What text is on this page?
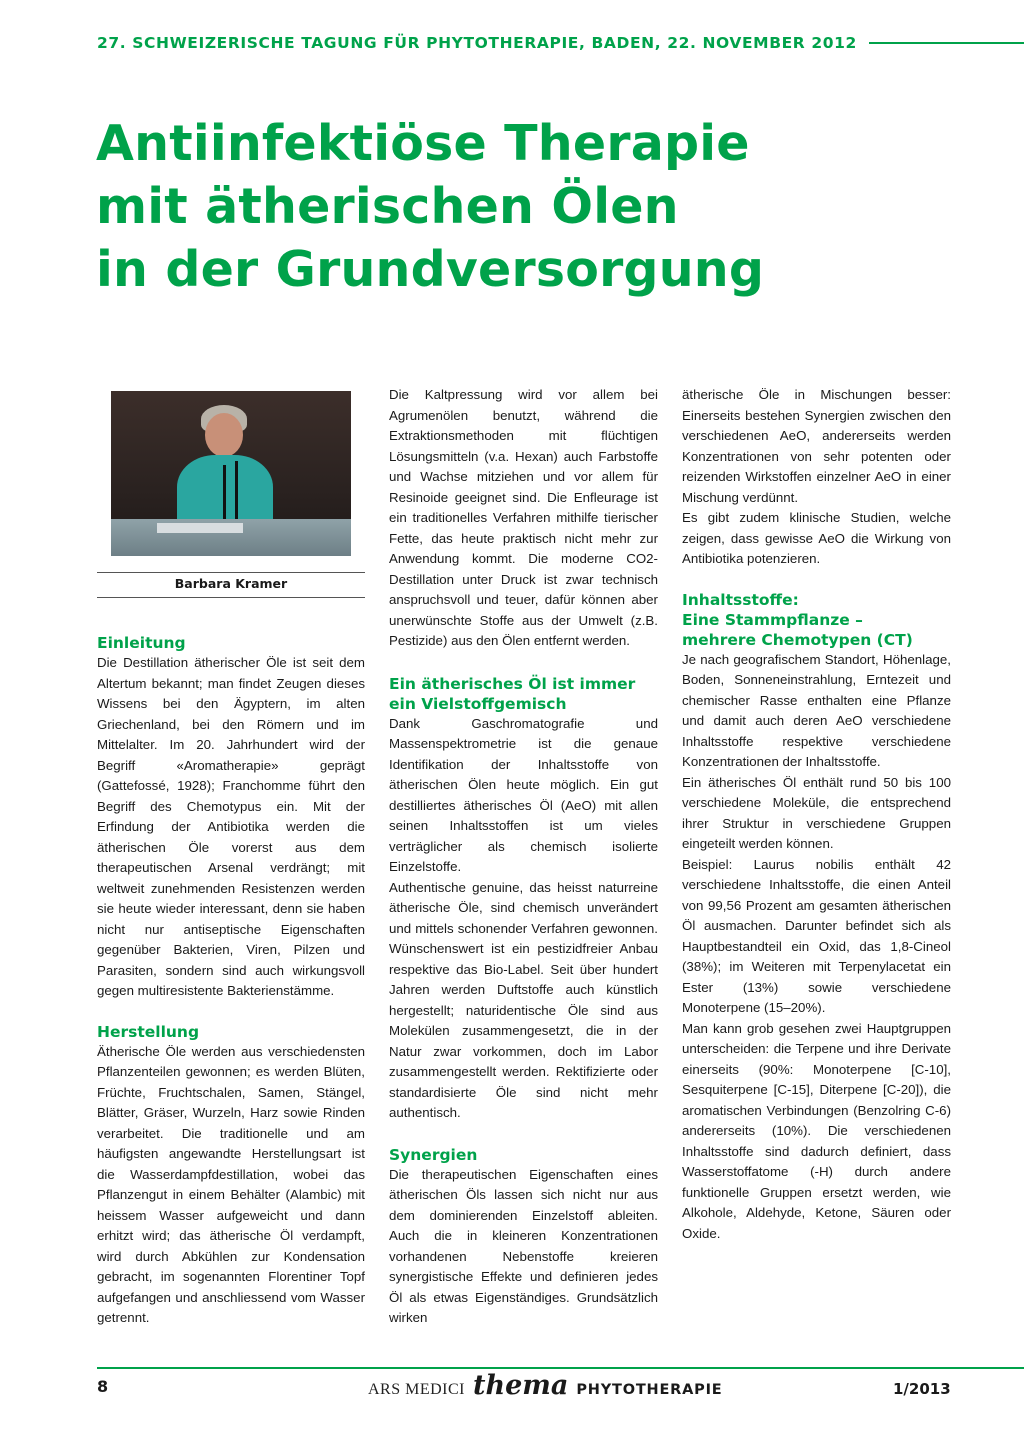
27. SCHWEIZERISCHE TAGUNG FÜR PHYTOTHERAPIE, BADEN, 22. NOVEMBER 2012
Antiinfektiöse Therapie
mit ätherischen Ölen
in der Grundversorgung
Barbara Kramer
Einleitung

Die Destillation ätherischer Öle ist seit dem Altertum bekannt; man findet Zeugen dieses Wissens bei den Ägyptern, im alten Griechenland, bei den Römern und im Mittelalter. Im 20. Jahrhundert wird der Begriff «Aromatherapie» geprägt (Gattefossé, 1928); Franchomme führt den Begriff des Chemotypus ein. Mit der Erfindung der Antibiotika werden die ätherischen Öle vorerst aus dem therapeutischen Arsenal verdrängt; mit weltweit zunehmenden Resistenzen werden sie heute wieder interessant, denn sie haben nicht nur antiseptische Eigenschaften gegenüber Bakterien, Viren, Pilzen und Parasiten, sondern sind auch wirkungsvoll gegen multiresistente Bakterienstämme.

Herstellung

Ätherische Öle werden aus verschiedensten Pflanzenteilen gewonnen; es werden Blüten, Früchte, Fruchtschalen, Samen, Stängel, Blätter, Gräser, Wurzeln, Harz sowie Rinden verarbeitet. Die traditionelle und am häufigsten angewandte Herstellungsart ist die Wasserdampfdestillation, wobei das Pflanzengut in einem Behälter (Alambic) mit heissem Wasser aufgeweicht und dann erhitzt wird; das ätherische Öl verdampft, wird durch Abkühlen zur Kondensation gebracht, im sogenannten Florentiner Topf aufgefangen und anschliessend vom Wasser getrennt.

Die Kaltpressung wird vor allem bei Agrumenölen benutzt, während die Extraktionsmethoden mit flüchtigen Lösungsmitteln (v.a. Hexan) auch Farbstoffe und Wachse mitziehen und vor allem für Resinoide geeignet sind. Die Enfleurage ist ein traditionelles Verfahren mithilfe tierischer Fette, das heute praktisch nicht mehr zur Anwendung kommt. Die moderne CO2-Destillation unter Druck ist zwar technisch anspruchsvoll und teuer, dafür können aber unerwünschte Stoffe aus der Umwelt (z.B. Pestizide) aus den Ölen entfernt werden.

Ein ätherisches Öl ist immer
ein Vielstoffgemisch

Dank Gaschromatografie und Massenspektrometrie ist die genaue Identifikation der Inhaltsstoffe von ätherischen Ölen heute möglich. Ein gut destilliertes ätherisches Öl (AeO) mit allen seinen Inhaltsstoffen ist um vieles verträglicher als chemisch isolierte Einzelstoffe.

Authentische genuine, das heisst naturreine ätherische Öle, sind chemisch unverändert und mittels schonender Verfahren gewonnen. Wünschenswert ist ein pestizidfreier Anbau respektive das Bio-Label. Seit über hundert Jahren werden Duftstoffe auch künstlich hergestellt; naturidentische Öle sind aus Molekülen zusammengesetzt, die in der Natur zwar vorkommen, doch im Labor zusammengestellt werden. Rektifizierte oder standardisierte Öle sind nicht mehr authentisch.

Synergien

Die therapeutischen Eigenschaften eines ätherischen Öls lassen sich nicht nur aus dem dominierenden Einzelstoff ableiten. Auch die in kleineren Konzentrationen vorhandenen Nebenstoffe kreieren synergistische Effekte und definieren jedes Öl als etwas Eigenständiges. Grundsätzlich wirken

ätherische Öle in Mischungen besser: Einerseits bestehen Synergien zwischen den verschiedenen AeO, andererseits werden Konzentrationen von sehr potenten oder reizenden Wirkstoffen einzelner AeO in einer Mischung verdünnt.

Es gibt zudem klinische Studien, welche zeigen, dass gewisse AeO die Wirkung von Antibiotika potenzieren.

Inhaltsstoffe:
Eine Stammpflanze –
mehrere Chemotypen (CT)

Je nach geografischem Standort, Höhenlage, Boden, Sonneneinstrahlung, Erntezeit und chemischer Rasse enthalten eine Pflanze und damit auch deren AeO verschiedene Inhaltsstoffe respektive verschiedene Konzentrationen der Inhaltsstoffe.

Ein ätherisches Öl enthält rund 50 bis 100 verschiedene Moleküle, die entsprechend ihrer Struktur in verschiedene Gruppen eingeteilt werden können.

Beispiel: Laurus nobilis enthält 42 verschiedene Inhaltsstoffe, die einen Anteil von 99,56 Prozent am gesamten ätherischen Öl ausmachen. Darunter befindet sich als Hauptbestandteil ein Oxid, das 1,8-Cineol (38%); im Weiteren mit Terpenylacetat ein Ester (13%) sowie verschiedene Monoterpene (15–20%).

Man kann grob gesehen zwei Hauptgruppen unterscheiden: die Terpene und ihre Derivate einerseits (90%: Monoterpene [C-10], Sesquiterpene [C-15], Diterpene [C-20]), die aromatischen Verbindungen (Benzolring C-6) andererseits (10%). Die verschiedenen Inhaltsstoffe sind dadurch definiert, dass Wasserstoffatome (-H) durch andere funktionelle Gruppen ersetzt werden, wie Alkohole, Aldehyde, Ketone, Säuren oder Oxide.

8	ARS MEDICI thema PHYTOTHERAPIE	1/2013
